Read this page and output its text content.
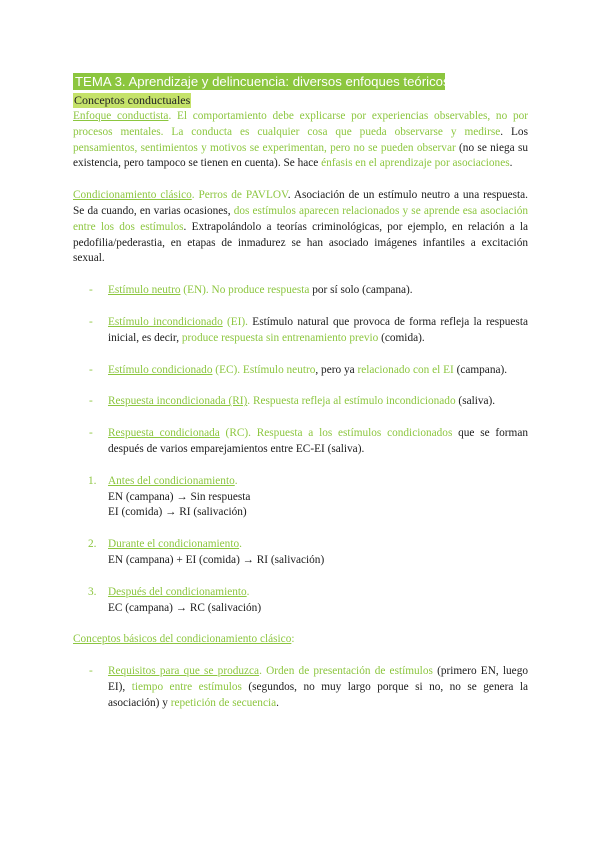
TEMA 3. Aprendizaje y delincuencia: diversos enfoques teóricos.
Conceptos conductuales

Enfoque conductista. El comportamiento debe explicarse por experiencias observables, no por procesos mentales. La conducta es cualquier cosa que pueda observarse y medirse. Los pensamientos, sentimientos y motivos se experimentan, pero no se pueden observar (no se niega su existencia, pero tampoco se tienen en cuenta). Se hace énfasis en el aprendizaje por asociaciones.

Condicionamiento clásico. Perros de PAVLOV. Asociación de un estímulo neutro a una respuesta. Se da cuando, en varias ocasiones, dos estímulos aparecen relacionados y se aprende esa asociación entre los dos estímulos. Extrapolándolo a teorías criminológicas, por ejemplo, en relación a la pedofilia/pederastia, en etapas de inmadurez se han asociado imágenes infantiles a excitación sexual.

- Estímulo neutro (EN). No produce respuesta por sí solo (campana).

- Estímulo incondicionado (EI). Estímulo natural que provoca de forma refleja la respuesta inicial, es decir, produce respuesta sin entrenamiento previo (comida).

- Estímulo condicionado (EC). Estímulo neutro, pero ya relacionado con el EI (campana).

- Respuesta incondicionada (RI). Respuesta refleja al estímulo incondicionado (saliva).

- Respuesta condicionada (RC). Respuesta a los estímulos condicionados que se forman después de varios emparejamientos entre EC-EI (saliva).

1. Antes del condicionamiento.
EN (campana) → Sin respuesta
EI (comida) → RI (salivación)
2. Durante el condicionamiento.
EN (campana) + EI (comida) → RI (salivación)
3. Después del condicionamiento.
EC (campana) → RC (salivación)

Conceptos básicos del condicionamiento clásico:

- Requisitos para que se produzca. Orden de presentación de estímulos (primero EN, luego EI), tiempo entre estímulos (segundos, no muy largo porque si no, no se genera la asociación) y repetición de secuencia.
